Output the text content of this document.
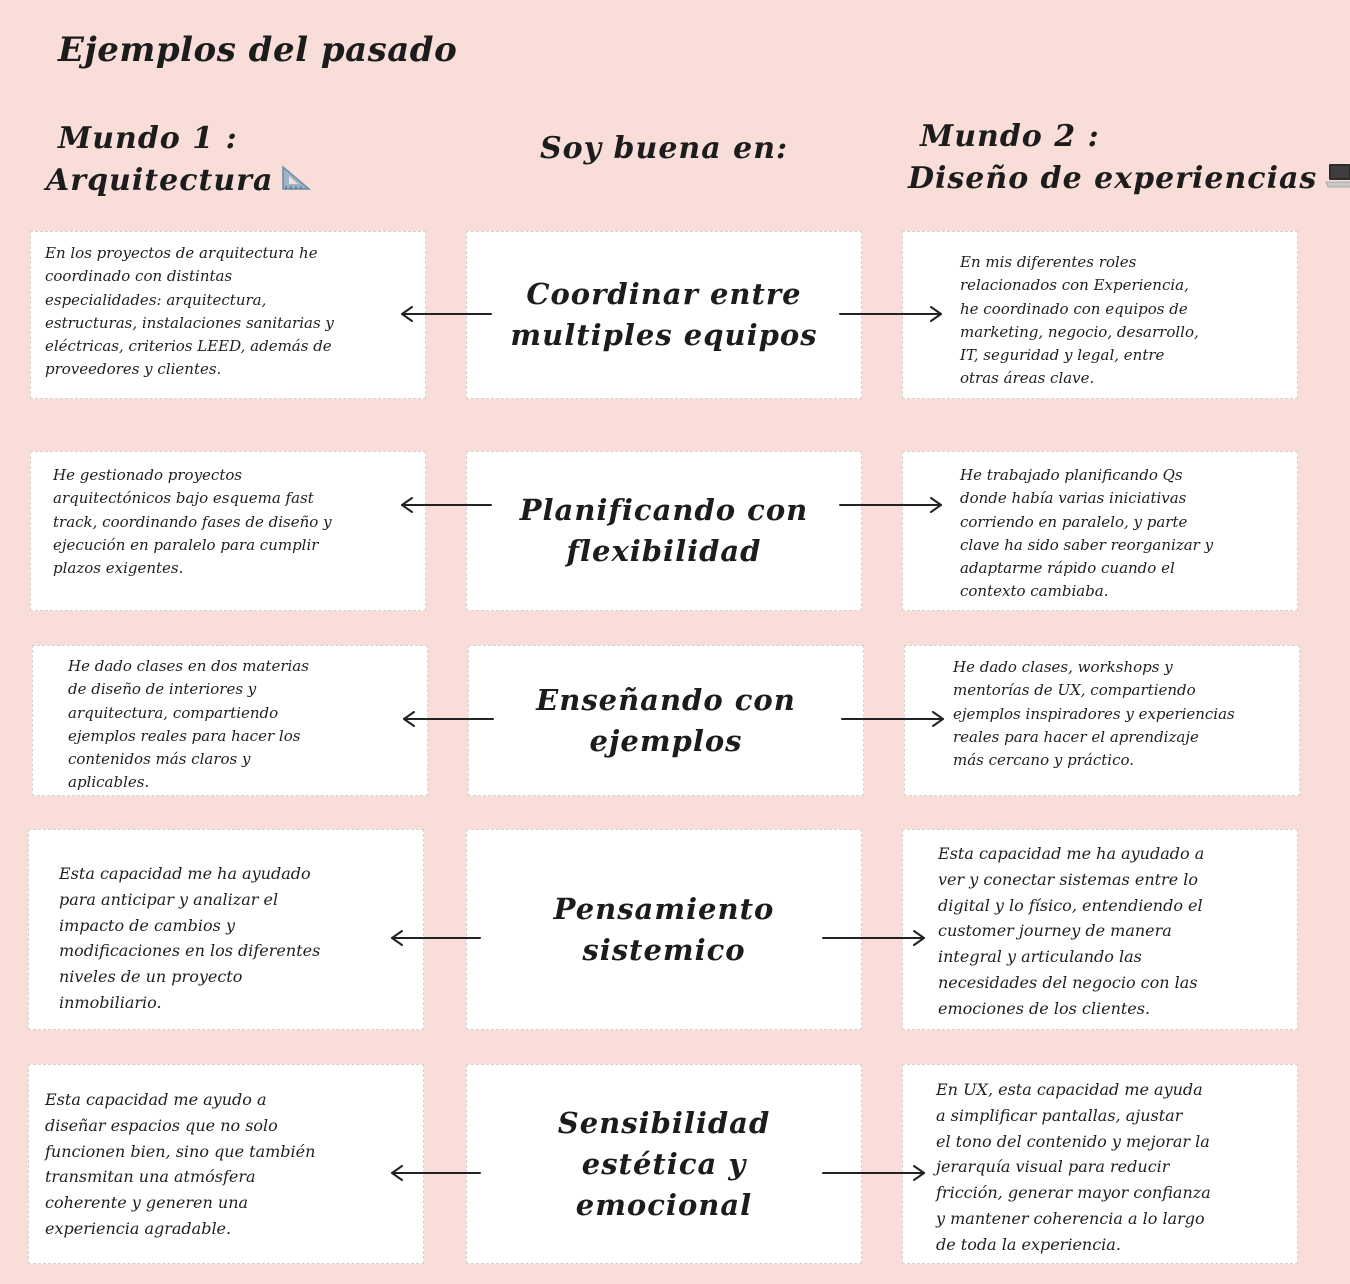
Ejemplos del pasado
Mundo 1 :
Arquitectura
Soy buena en:	Mundo 2 :
Diseño de experiencias
En los proyectos de arquitectura he
coordinado con distintas
especialidades: arquitectura,
estructuras, instalaciones sanitarias y
eléctricas, criterios LEED, además de
proveedores y clientes.
Coordinar entre
multiples equipos
En mis diferentes roles
relacionados con Experiencia,
he coordinado con equipos de
marketing, negocio, desarrollo,
IT, seguridad y legal, entre
otras áreas clave.
He gestionado proyectos
arquitectónicos bajo esquema fast
track, coordinando fases de diseño y
ejecución en paralelo para cumplir
plazos exigentes.
Planificando con
flexibilidad
He trabajado planificando Qs
donde había varias iniciativas
corriendo en paralelo, y parte
clave ha sido saber reorganizar y
adaptarme rápido cuando el
contexto cambiaba.
He dado clases en dos materias
de diseño de interiores y
arquitectura, compartiendo
ejemplos reales para hacer los
contenidos más claros y
aplicables.
Enseñando con
ejemplos
He dado clases, workshops y
mentorías de UX, compartiendo
ejemplos inspiradores y experiencias
reales para hacer el aprendizaje
más cercano y práctico.
Esta capacidad me ha ayudado
para anticipar y analizar el
impacto de cambios y
modificaciones en los diferentes
niveles de un proyecto
inmobiliario.
Pensamiento
sistemico
Esta capacidad me ha ayudado a
ver y conectar sistemas entre lo
digital y lo físico, entendiendo el
customer journey de manera
integral y articulando las
necesidades del negocio con las
emociones de los clientes.
Esta capacidad me ayudo a
diseñar espacios que no solo
funcionen bien, sino que también
transmitan una atmósfera
coherente y generen una
experiencia agradable.
Sensibilidad
estética y
emocional
En UX, esta capacidad me ayuda
a simplificar pantallas, ajustar
el tono del contenido y mejorar la
jerarquía visual para reducir
fricción, generar mayor confianza
y mantener coherencia a lo largo
de toda la experiencia.
